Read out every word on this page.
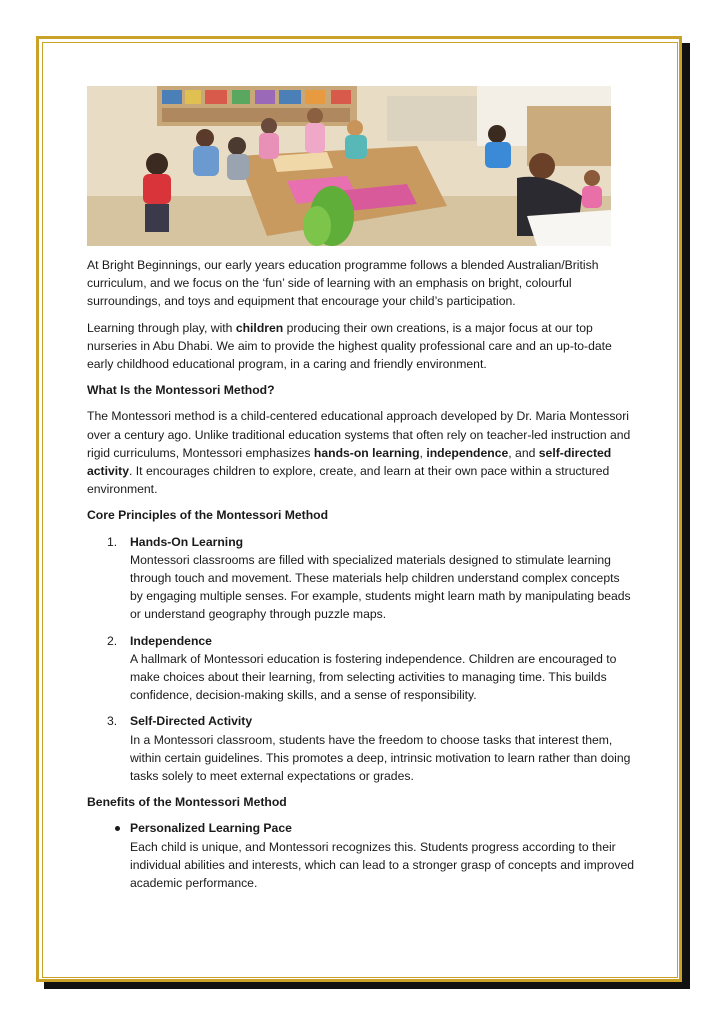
At Bright Beginnings, our early years education programme follows a blended Australian/British curriculum, and we focus on the ‘fun’ side of learning with an emphasis on bright, colourful surroundings, and toys and equipment that encourage your child’s participation.

Learning through play, with children producing their own creations, is a major focus at our top nurseries in Abu Dhabi. We aim to provide the highest quality professional care and an up-to-date early childhood educational program, in a caring and friendly environment.

What Is the Montessori Method?

The Montessori method is a child-centered educational approach developed by Dr. Maria Montessori over a century ago. Unlike traditional education systems that often rely on teacher-led instruction and rigid curriculums, Montessori emphasizes hands-on learning, independence, and self-directed activity. It encourages children to explore, create, and learn at their own pace within a structured environment.

Core Principles of the Montessori Method

1. Hands-On Learning
Montessori classrooms are filled with specialized materials designed to stimulate learning through touch and movement. These materials help children understand complex concepts by engaging multiple senses. For example, students might learn math by manipulating beads or understand geography through puzzle maps.
2. Independence
A hallmark of Montessori education is fostering independence. Children are encouraged to make choices about their learning, from selecting activities to managing time. This builds confidence, decision-making skills, and a sense of responsibility.
3. Self-Directed Activity
In a Montessori classroom, students have the freedom to choose tasks that interest them, within certain guidelines. This promotes a deep, intrinsic motivation to learn rather than doing tasks solely to meet external expectations or grades.

Benefits of the Montessori Method

Personalized Learning Pace
Each child is unique, and Montessori recognizes this. Students progress according to their individual abilities and interests, which can lead to a stronger grasp of concepts and improved academic performance.
